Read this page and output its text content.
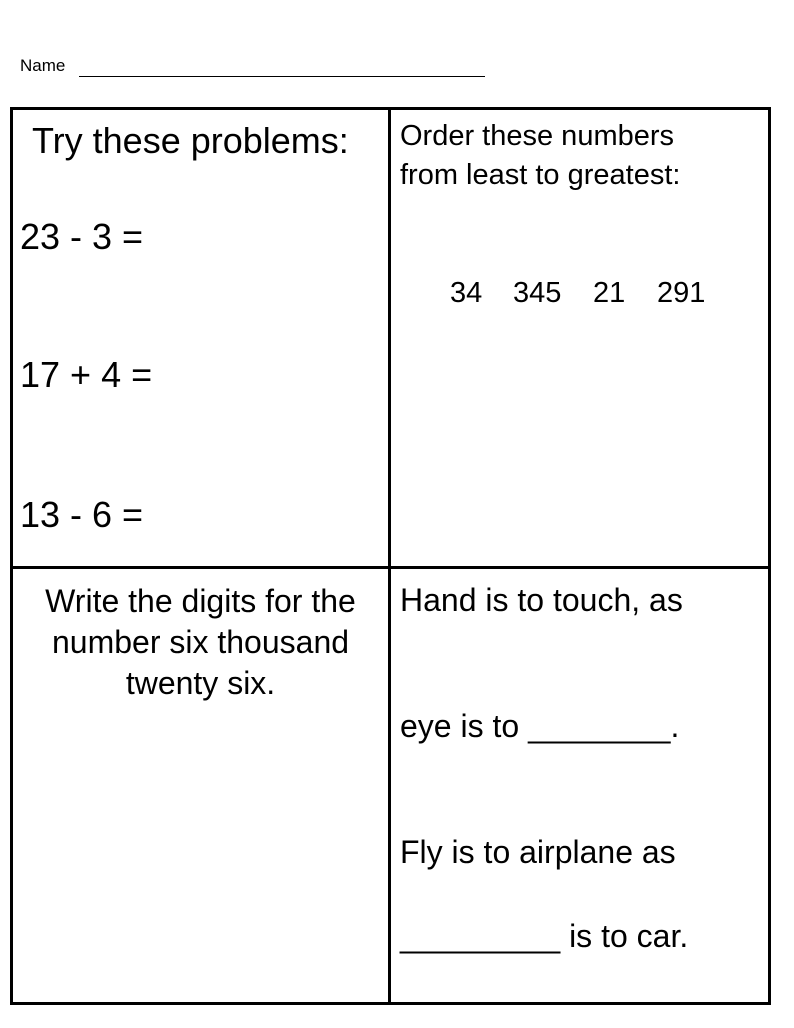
Name
Try these problems:
23 - 3 =
17 + 4 =
13 - 6 =
Order these numbers
from least to greatest:
34 345 21 291
Write the digits for the
number six thousand
twenty six.
Hand is to touch, as
eye is to ________.
Fly is to airplane as
_________ is to car.
